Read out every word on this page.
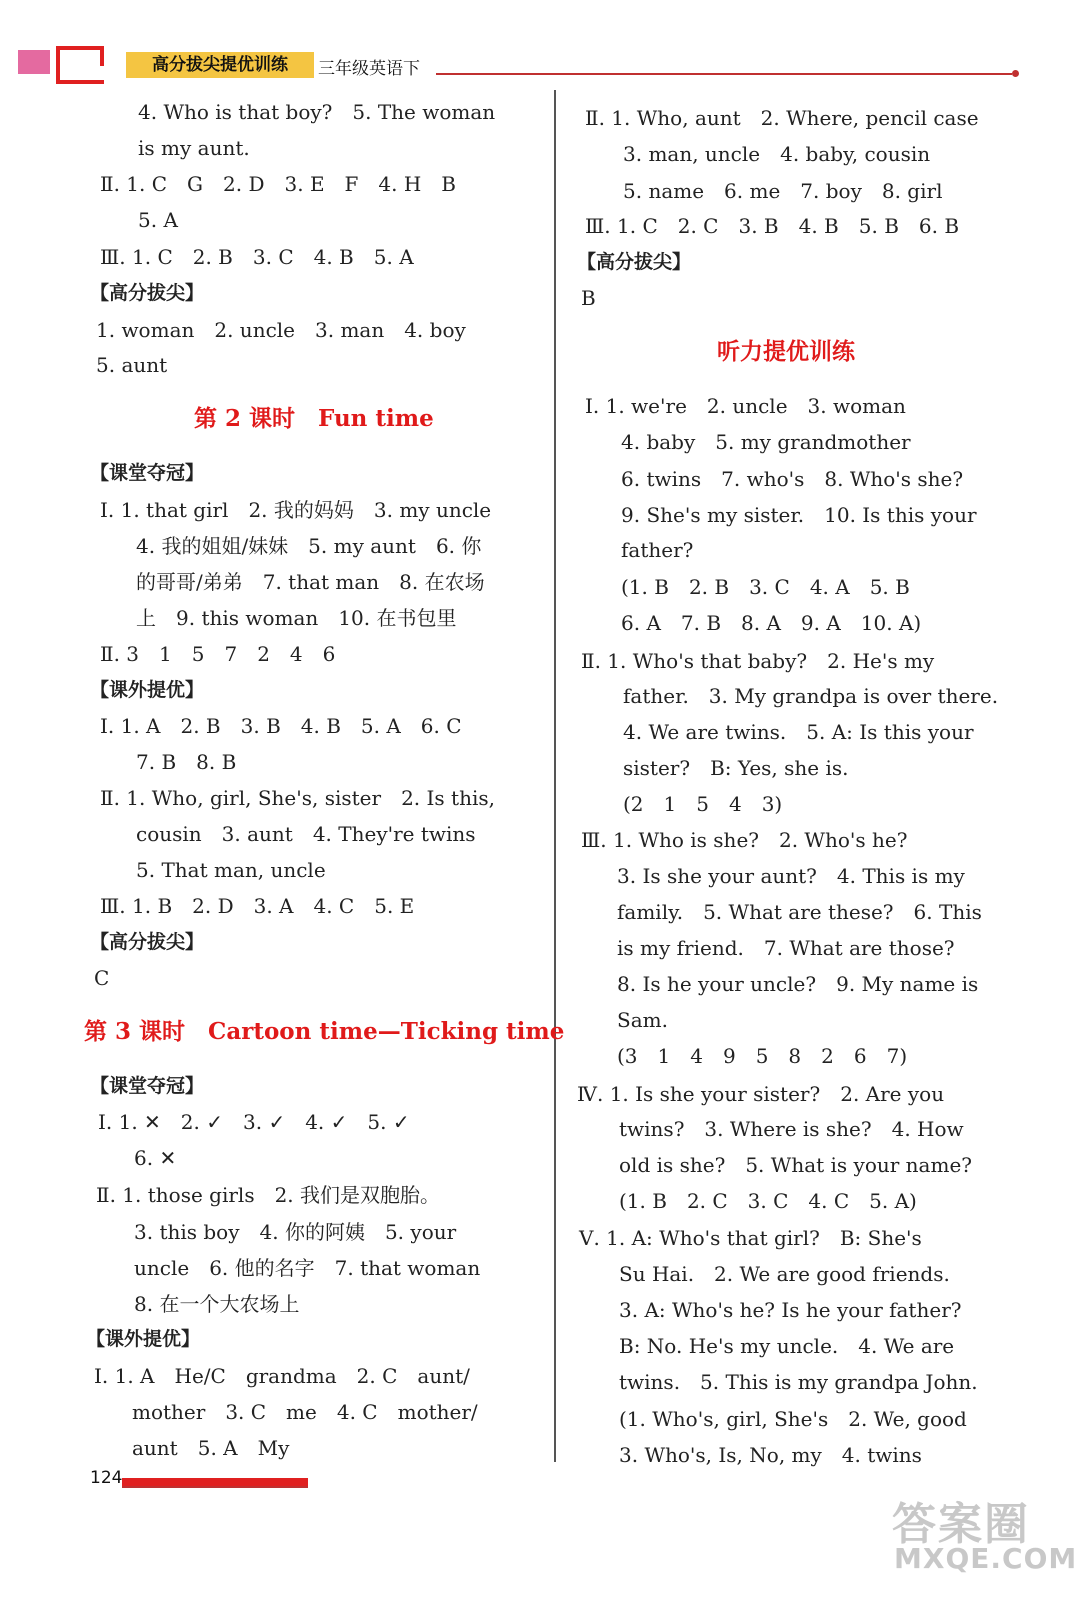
高分拔尖提优训练	三年级英语下
4. Who is that boy?　5. The woman
is my aunt.
Ⅱ. 1. C　G　2. D　3. E　F　4. H　B
5. A
Ⅲ. 1. C　2. B　3. C　4. B　5. A
【高分拔尖】
1. woman　2. uncle　3. man　4. boy
5. aunt
第 2 课时　Fun time
【课堂夺冠】
Ⅰ. 1. that girl　2. 我的妈妈　3. my uncle
4. 我的姐姐/妹妹　5. my aunt　6. 你
的哥哥/弟弟　7. that man　8. 在农场
上　9. this woman　10. 在书包里
Ⅱ. 3　1　5　7　2　4　6
【课外提优】
Ⅰ. 1. A　2. B　3. B　4. B　5. A　6. C
7. B　8. B
Ⅱ. 1. Who, girl, She's, sister　2. Is this,
cousin　3. aunt　4. They're twins
5. That man, uncle
Ⅲ. 1. B　2. D　3. A　4. C　5. E
【高分拔尖】
C
第 3 课时　Cartoon time—Ticking time
【课堂夺冠】
Ⅰ. 1. ✕　2. ✓　3. ✓　4. ✓　5. ✓
6. ✕
Ⅱ. 1. those girls　2. 我们是双胞胎。
3. this boy　4. 你的阿姨　5. your
uncle　6. 他的名字　7. that woman
8. 在一个大农场上
【课外提优】
Ⅰ. 1. A　He/C　grandma　2. C　aunt/
mother　3. C　me　4. C　mother/
aunt　5. A　My
Ⅱ. 1. Who, aunt　2. Where, pencil case
3. man, uncle　4. baby, cousin
5. name　6. me　7. boy　8. girl
Ⅲ. 1. C　2. C　3. B　4. B　5. B　6. B
【高分拔尖】
B
听力提优训练
Ⅰ. 1. we're　2. uncle　3. woman
4. baby　5. my grandmother
6. twins　7. who's　8. Who's she?
9. She's my sister.　10. Is this your
father?
(1. B　2. B　3. C　4. A　5. B
6. A　7. B　8. A　9. A　10. A)
Ⅱ. 1. Who's that baby?　2. He's my
father.　3. My grandpa is over there.
4. We are twins.　5. A: Is this your
sister?　B: Yes, she is.
(2　1　5　4　3)
Ⅲ. 1. Who is she?　2. Who's he?
3. Is she your aunt?　4. This is my
family.　5. What are these?　6. This
is my friend.　7. What are those?
8. Is he your uncle?　9. My name is
Sam.
(3　1　4　9　5　8　2　6　7)
Ⅳ. 1. Is she your sister?　2. Are you
twins?　3. Where is she?　4. How
old is she?　5. What is your name?
(1. B　2. C　3. C　4. C　5. A)
Ⅴ. 1. A: Who's that girl?　B: She's
Su Hai.　2. We are good friends.
3. A: Who's he? Is he your father?
B: No. He's my uncle.　4. We are
twins.　5. This is my grandpa John.
(1. Who's, girl, She's　2. We, good
3. Who's, Is, No, my　4. twins
124
答案圈
MXQE.COM
